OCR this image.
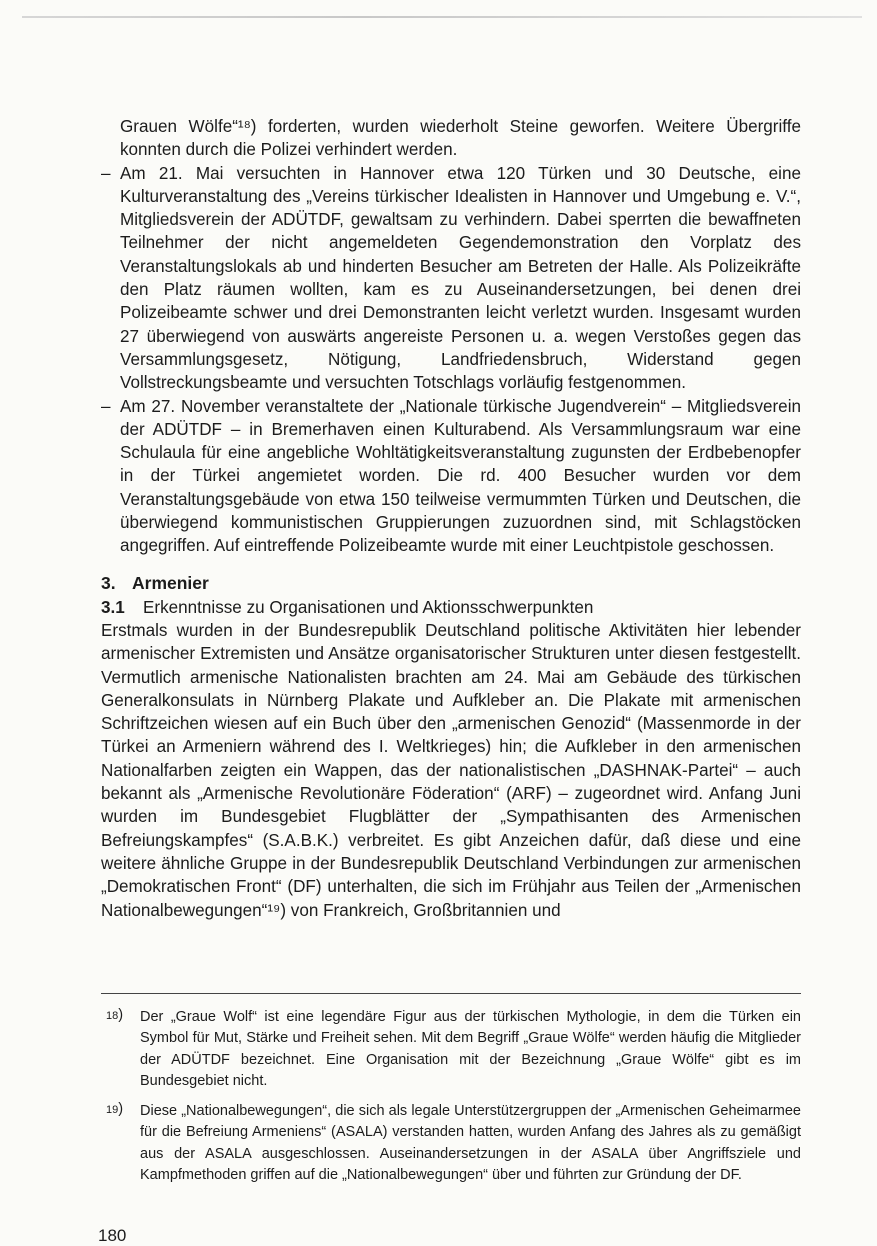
Grauen Wölfe“¹⁸) forderten, wurden wiederholt Steine geworfen. Weitere Übergriffe konnten durch die Polizei verhindert werden.
– Am 21. Mai versuchten in Hannover etwa 120 Türken und 30 Deutsche, eine Kulturveranstaltung des „Vereins türkischer Idealisten in Hannover und Umgebung e. V.“, Mitgliedsverein der ADÜTDF, gewaltsam zu verhindern. Dabei sperrten die bewaffneten Teilnehmer der nicht angemeldeten Gegendemonstration den Vorplatz des Veranstaltungslokals ab und hinderten Besucher am Betreten der Halle. Als Polizeikräfte den Platz räumen wollten, kam es zu Auseinandersetzungen, bei denen drei Polizeibeamte schwer und drei Demonstranten leicht verletzt wurden. Insgesamt wurden 27 überwiegend von auswärts angereiste Personen u. a. wegen Verstoßes gegen das Versammlungsgesetz, Nötigung, Landfriedensbruch, Widerstand gegen Vollstreckungsbeamte und versuchten Totschlags vorläufig festgenommen.
– Am 27. November veranstaltete der „Nationale türkische Jugendverein“ – Mitgliedsverein der ADÜTDF – in Bremerhaven einen Kulturabend. Als Versammlungsraum war eine Schulaula für eine angebliche Wohltätigkeitsveranstaltung zugunsten der Erdbebenopfer in der Türkei angemietet worden. Die rd. 400 Besucher wurden vor dem Veranstaltungsgebäude von etwa 150 teilweise vermummten Türken und Deutschen, die überwiegend kommunistischen Gruppierungen zuzuordnen sind, mit Schlagstöcken angegriffen. Auf eintreffende Polizeibeamte wurde mit einer Leuchtpistole geschossen.
3. Armenier
3.1 Erkenntnisse zu Organisationen und Aktionsschwerpunkten
Erstmals wurden in der Bundesrepublik Deutschland politische Aktivitäten hier lebender armenischer Extremisten und Ansätze organisatorischer Strukturen unter diesen festgestellt. Vermutlich armenische Nationalisten brachten am 24. Mai am Gebäude des türkischen Generalkonsulats in Nürnberg Plakate und Aufkleber an. Die Plakate mit armenischen Schriftzeichen wiesen auf ein Buch über den „armenischen Genozid“ (Massenmorde in der Türkei an Armeniern während des I. Weltkrieges) hin; die Aufkleber in den armenischen Nationalfarben zeigten ein Wappen, das der nationalistischen „DASHNAK-Partei“ – auch bekannt als „Armenische Revolutionäre Föderation“ (ARF) – zugeordnet wird. Anfang Juni wurden im Bundesgebiet Flugblätter der „Sympathisanten des Armenischen Befreiungskampfes“ (S.A.B.K.) verbreitet. Es gibt Anzeichen dafür, daß diese und eine weitere ähnliche Gruppe in der Bundesrepublik Deutschland Verbindungen zur armenischen „Demokratischen Front“ (DF) unterhalten, die sich im Frühjahr aus Teilen der „Armenischen Nationalbewegungen“¹⁹) von Frankreich, Großbritannien und
18) Der „Graue Wolf“ ist eine legendäre Figur aus der türkischen Mythologie, in dem die Türken ein Symbol für Mut, Stärke und Freiheit sehen. Mit dem Begriff „Graue Wölfe“ werden häufig die Mitglieder der ADÜTDF bezeichnet. Eine Organisation mit der Bezeichnung „Graue Wölfe“ gibt es im Bundesgebiet nicht.
19) Diese „Nationalbewegungen“, die sich als legale Unterstützergruppen der „Armenischen Geheimarmee für die Befreiung Armeniens“ (ASALA) verstanden hatten, wurden Anfang des Jahres als zu gemäßigt aus der ASALA ausgeschlossen. Auseinandersetzungen in der ASALA über Angriffsziele und Kampfmethoden griffen auf die „Nationalbewegungen“ über und führten zur Gründung der DF.
180
